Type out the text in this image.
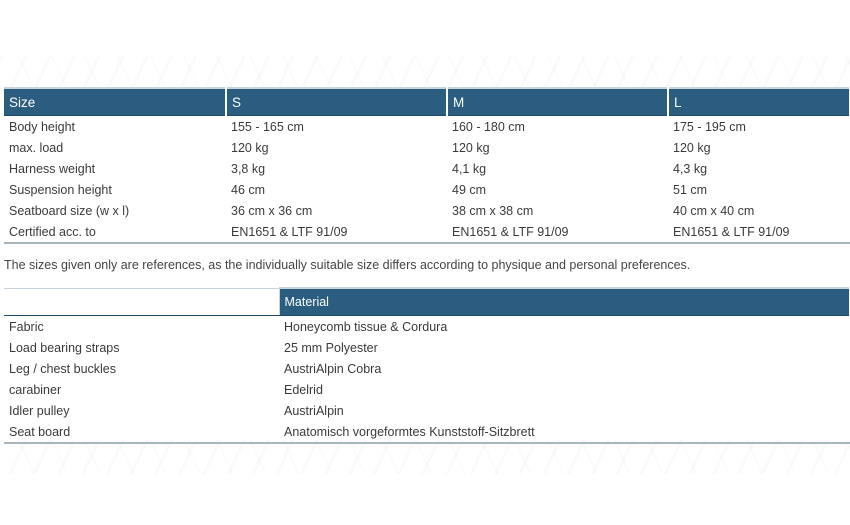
Size	S	M	L
Body height	155 - 165 cm	160 - 180 cm	175 - 195 cm
max. load	120 kg	120 kg	120 kg
Harness weight	3,8 kg	4,1 kg	4,3 kg
Suspension height	46 cm	49 cm	51 cm
Seatboard size (w x l)	36 cm x 36 cm	38 cm x 38 cm	40 cm x 40 cm
Certified acc. to	EN1651 & LTF 91/09	EN1651 & LTF 91/09	EN1651 & LTF 91/09
The sizes given only are references, as the individually suitable size differs according to physique and personal preferences.
	Material
Fabric	Honeycomb tissue & Cordura
Load bearing straps	25 mm Polyester
Leg / chest buckles	AustriAlpin Cobra
carabiner	Edelrid
Idler pulley	AustriAlpin
Seat board	Anatomisch vorgeformtes Kunststoff-Sitzbrett
